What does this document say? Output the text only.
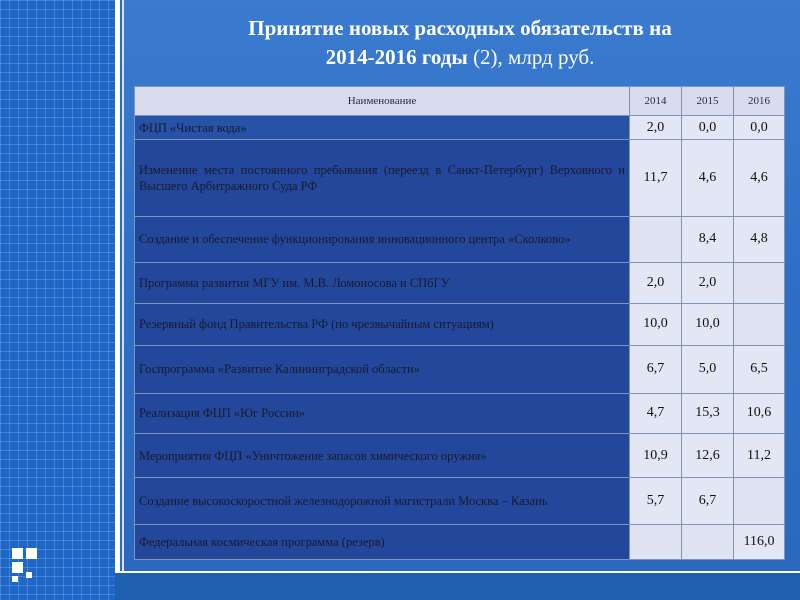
Принятие новых расходных обязательств на
2014-2016 годы (2), млрд руб.
Наименование	2014	2015	2016
ФЦП «Чистая вода»	2,0	0,0	0,0
Изменение места постоянного пребывания (переезд в Санкт-Петербург) Верховного и Высшего Арбитражного Суда РФ	11,7	4,6	4,6
Создание и обеспечение функционирования инновационного центра «Сколково»		8,4	4,8
Программа развития МГУ им. М.В. Ломоносова и СПбГУ	2,0	2,0	
Резервный фонд Правительства РФ (по чрезвычайным ситуациям)	10,0	10,0	
Госпрограмма «Развитие Калининградской области»	6,7	5,0	6,5
Реализация ФЦП «Юг России»	4,7	15,3	10,6
Мероприятия ФЦП «Уничтожение запасов химического оружия»	10,9	12,6	11,2
Создание высокоскоростной железнодорожной магистрали Москва – Казань	5,7	6,7	
Федеральная космическая программа (резерв)			116,0
